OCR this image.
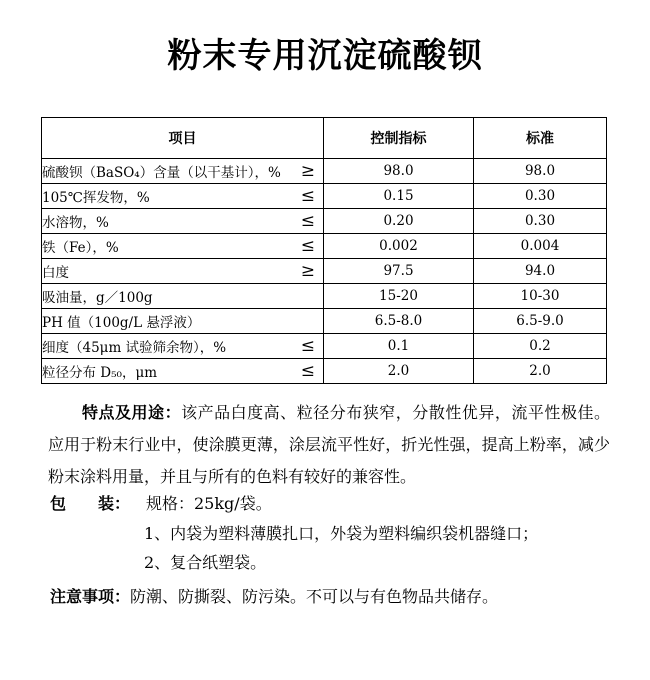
粉末专用沉淀硫酸钡
项目	控制指标	标准
硫酸钡（BaSO₄）含量（以干基计），% ≥	98.0	98.0
105℃挥发物，% ≤	0.15	0.30
水溶物，% ≤	0.20	0.30
铁（Fe），% ≤	0.002	0.004
白度 ≥	97.5	94.0
吸油量，g／100g	15-20	10-30
PH 值（100g/L 悬浮液）	6.5-8.0	6.5-9.0
细度（45μm 试验筛余物），% ≤	0.1	0.2
粒径分布 D₅₀，μm ≤	2.0	2.0
特点及用途：该产品白度高、粒径分布狭窄，分散性优异，流平性极佳。应用于粉末行业中，使涂膜更薄，涂层流平性好，折光性强，提高上粉率，减少粉末涂料用量，并且与所有的色料有较好的兼容性。
包　　装： 规格：25kg/袋。
1、内袋为塑料薄膜扎口，外袋为塑料编织袋机器缝口；
2、复合纸塑袋。
注意事项：防潮、防撕裂、防污染。不可以与有色物品共储存。
